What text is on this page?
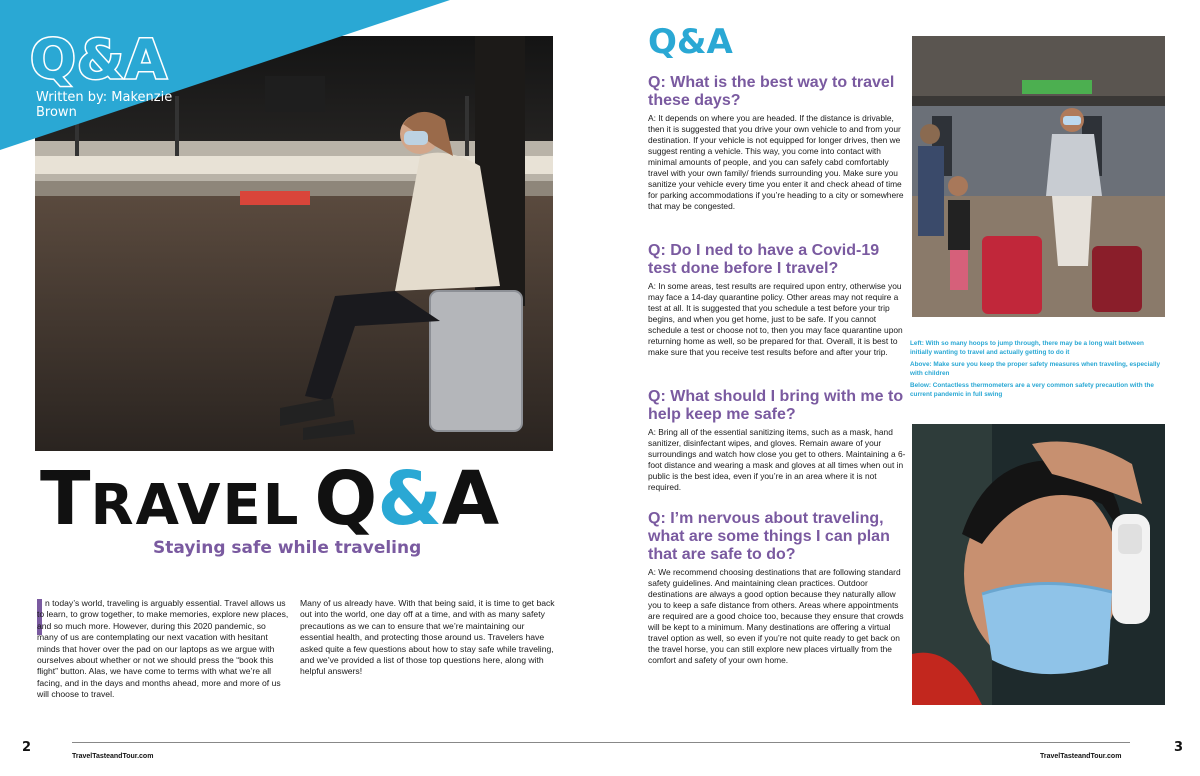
Q&A
Written by: Makenzie Brown
TRAVEL Q&A
Staying safe while traveling
n today’s world, traveling is arguably essential. Travel allows us to learn, to grow together, to make memories, explore new places, and so much more. However, during this 2020 pandemic, so many of us are contemplating our next vacation with hesitant minds that hover over the pad on our laptops as we argue with ourselves about whether or not we should press the “book this flight” button. Alas, we have come to terms with what we’re all facing, and in the days and months ahead, more and more of us will choose to travel.
Many of us already have. With that being said, it is time to get back out into the world, one day off at a time, and with as many safety precautions as we can to ensure that we’re maintaining our essential health, and protecting those around us. Travelers have asked quite a few questions about how to stay safe while traveling, and we’ve provided a list of those top questions here, along with helpful answers!
2
TravelTasteandTour.com
Q&A

Q: What is the best way to travel these days?

A: It depends on where you are headed. If the distance is drivable, then it is suggested that you drive your own vehicle to and from your destination. If your vehicle is not equipped for longer drives, then we suggest renting a vehicle. This way, you come into contact with minimal amounts of people, and you can safely cabd comfortably travel with your own family/ friends surrounding you. Make sure you sanitize your vehicle every time you enter it and check ahead of time for parking accommodations if you’re heading to a city or somewhere that may be congested.

Q: Do I ned to have a Covid-19 test done before I travel?

A: In some areas, test results are required upon entry, otherwise you may face a 14-day quarantine policy. Other areas may not require a test at all. It is suggested that you schedule a test before your trip begins, and when you get home, just to be safe. If you cannot schedule a test or choose not to, then you may face quarantine upon returning home as well, so be prepared for that. Overall, it is best to make sure that you receive test results before and after your trip.

Q: What should I bring with me to help keep me safe?

A: Bring all of the essential sanitizing items, such as a mask, hand sanitizer, disinfectant wipes, and gloves. Remain aware of your surroundings and watch how close you get to others. Maintaining a 6-foot distance and wearing a mask and gloves at all times when out in public is the best idea, even if you’re in an area where it is not required.

Q: I’m nervous about traveling, what are some things I can plan that are safe to do?

A: We recommend choosing destinations that are following standard safety guidelines. And maintaining clean practices. Outdoor destinations are always a good option because they naturally allow you to keep a safe distance from others. Areas where appointments are required are a good choice too, because they ensure that crowds will be kept to a minimum. Many destinations are offering a virtual travel option as well, so even if you’re not quite ready to get back on the travel horse, you can still explore new places virtually from the comfort and safety of your own home.

Left: With so many hoops to jump through, there may be a long wait between initially wanting to travel and actually getting to do it

Above: Make sure you keep the proper safety measures when traveling, especially with children

Below: Contactless thermometers are a very common safety precaution with the current pandemic in full swing

3
TravelTasteandTour.com
